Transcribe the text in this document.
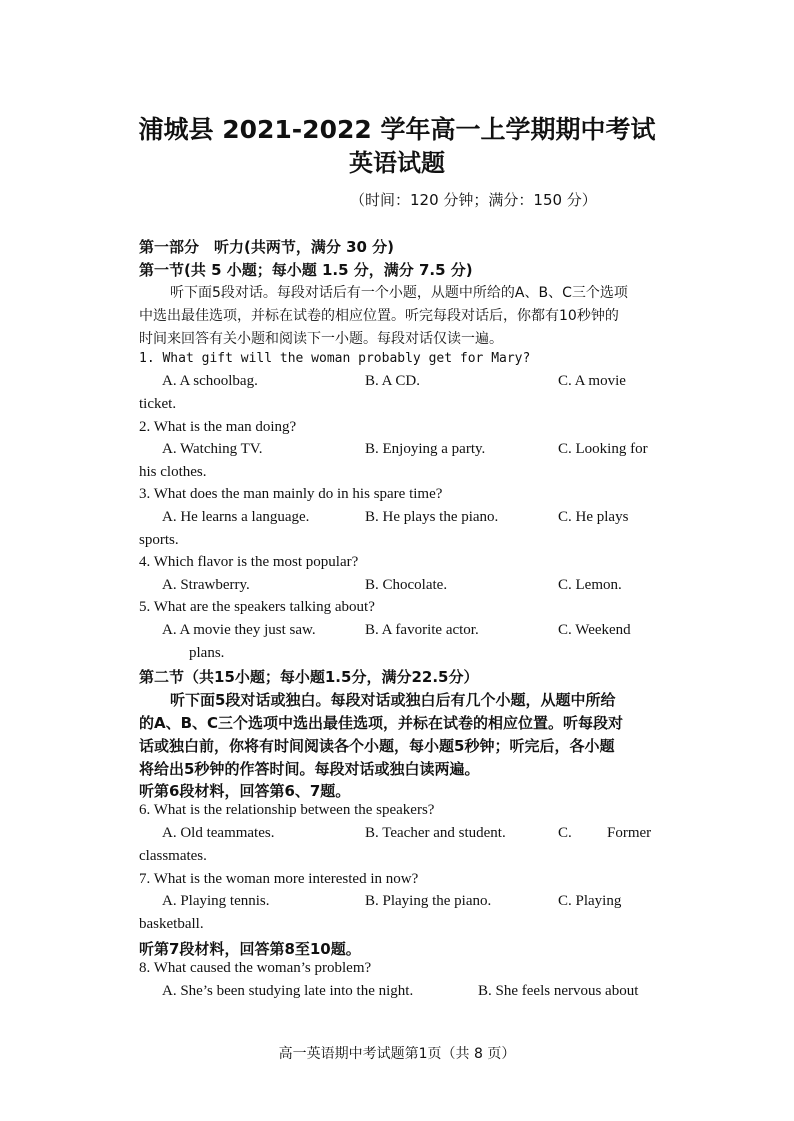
浦城县 2021-2022 学年高一上学期期中考试
英语试题
（时间：120 分钟；满分：150 分）
第一部分　听力(共两节，满分 30 分)
第一节(共 5 小题；每小题 1.5 分，满分 7.5 分)
听下面5段对话。每段对话后有一个小题，从题中所给的A、B、C三个选项
中选出最佳选项，并标在试卷的相应位置。听完每段对话后，你都有10秒钟的
时间来回答有关小题和阅读下一小题。每段对话仅读一遍。
1. What gift will the woman probably get for Mary?
A. A schoolbag.	B. A CD.	C. A movie
ticket.
2. What is the man doing?
A. Watching TV.	B. Enjoying a party.	C. Looking for
his clothes.
3. What does the man mainly do in his spare time?
A. He learns a language.	B. He plays the piano.	C. He plays
sports.
4. Which flavor is the most popular?
A. Strawberry.	B. Chocolate.	C. Lemon.
5. What are the speakers talking about?
A. A movie they just saw.	B. A favorite actor.	C. Weekend
plans.
第二节（共15小题；每小题1.5分，满分22.5分）
听下面5段对话或独白。每段对话或独白后有几个小题，从题中所给
的A、B、C三个选项中选出最佳选项，并标在试卷的相应位置。听每段对
话或独白前，你将有时间阅读各个小题，每小题5秒钟；听完后，各小题
将给出5秒钟的作答时间。每段对话或独白读两遍。
听第6段材料，回答第6、7题。
6. What is the relationship between the speakers?
A. Old teammates.	B. Teacher and student.	C. Former
classmates.
7. What is the woman more interested in now?
A. Playing tennis.	B. Playing the piano.	C. Playing
basketball.
听第7段材料，回答第8至10题。
8. What caused the woman’s problem?
A. She’s been studying late into the night.	B. She feels nervous about
高一英语期中考试题第1页（共 8 页）
